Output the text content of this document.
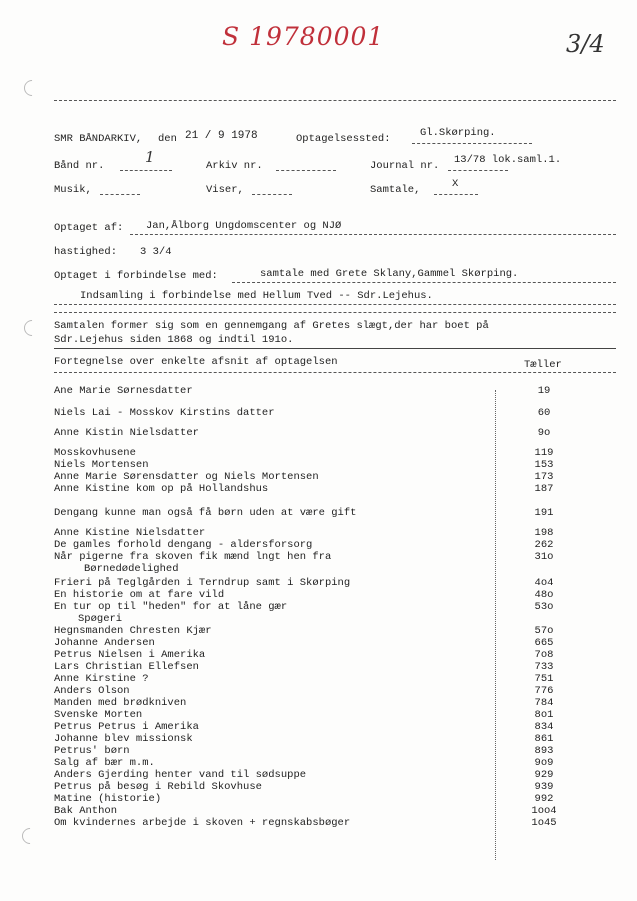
S 19780001	3/4
SMR BÅNDARKIV, den 21 / 9 1978	Optagelsessted:	Gl.Skørping.
Bånd nr.	1	Arkiv nr.	Journal nr. 13/78 lok.saml.1.
Musik,	Viser,	Samtale,	X
Optaget af: Jan,Ålborg Ungdomscenter og NJØ
hastighed: 3 3/4
Optaget i forbindelse med:	samtale med Grete Sklany,Gammel Skørping.
Indsamling i forbindelse med Hellum Tved -- Sdr.Lejehus.
Samtalen former sig som en gennemgang af Gretes slægt,der har boet på
Sdr.Lejehus siden 1868 og indtil 191o.
Fortegnelse over enkelte afsnit af optagelsen	Tæller
Ane Marie Sørnesdatter	19
Niels Lai - Mosskov Kirstins datter	60
Anne Kistin Nielsdatter	9o
Mosskovhusene	119
Niels Mortensen	153
Anne Marie Sørensdatter og Niels Mortensen	173
Anne Kistine kom op på Hollandshus	187
Dengang kunne man også få børn uden at være gift	191
Anne Kistine Nielsdatter	198
De gamles forhold dengang - aldersforsorg	262
Når pigerne fra skoven fik mænd lngt hen fra	31o
Børnedødelighed
Frieri på Teglgården i Terndrup samt i Skørping	4o4
En historie om at fare vild	48o
En tur op til "heden" for at låne gær	53o
Spøgeri
Hegnsmanden Chresten Kjær	57o
Johanne Andersen	665
Petrus Nielsen i Amerika	7o8
Lars Christian Ellefsen	733
Anne Kirstine ?	751
Anders Olson	776
Manden med brødkniven	784
Svenske Morten	8o1
Petrus Petrus i Amerika	834
Johanne blev missionsk	861
Petrus' børn	893
Salg af bær m.m.	9o9
Anders Gjerding henter vand til sødsuppe	929
Petrus på besøg i Rebild Skovhuse	939
Matine (historie)	992
Bak Anthon	1oo4
Om kvindernes arbejde i skoven + regnskabsbøger	1o45
